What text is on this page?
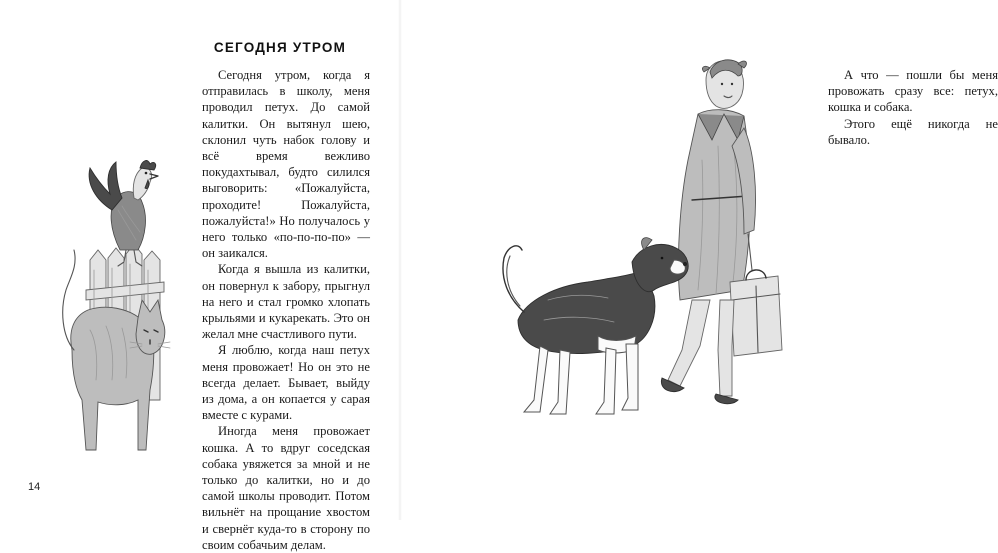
СЕГОДНЯ УТРОМ

Сегодня утром, когда я отправилась в школу, меня проводил петух. До самой калитки. Он вытянул шею, склонил чуть набок голову и всё время вежливо покудахтывал, будто силился выговорить: «Пожалуйста, проходите! Пожалуйста, пожалуйста!» Но получалось у него только «по-по-по-по» — он заикался.

Когда я вышла из калитки, он повернул к забору, прыгнул на него и стал громко хлопать крыльями и кукарекать. Это он желал мне счастливого пути.

Я люблю, когда наш петух меня провожает! Но он это не всегда делает. Бывает, выйду из дома, а он копается у сарая вместе с курами.

Иногда меня провожает кошка. А то вдруг соседская собака увяжется за мной и не только до калитки, но и до самой школы проводит. Потом вильнёт на прощание хвостом и свернёт куда-то в сторону по своим собачьим делам.

14

А что — пошли бы меня провожать сразу все: петух, кошка и собака.

Этого ещё никогда не бывало.
